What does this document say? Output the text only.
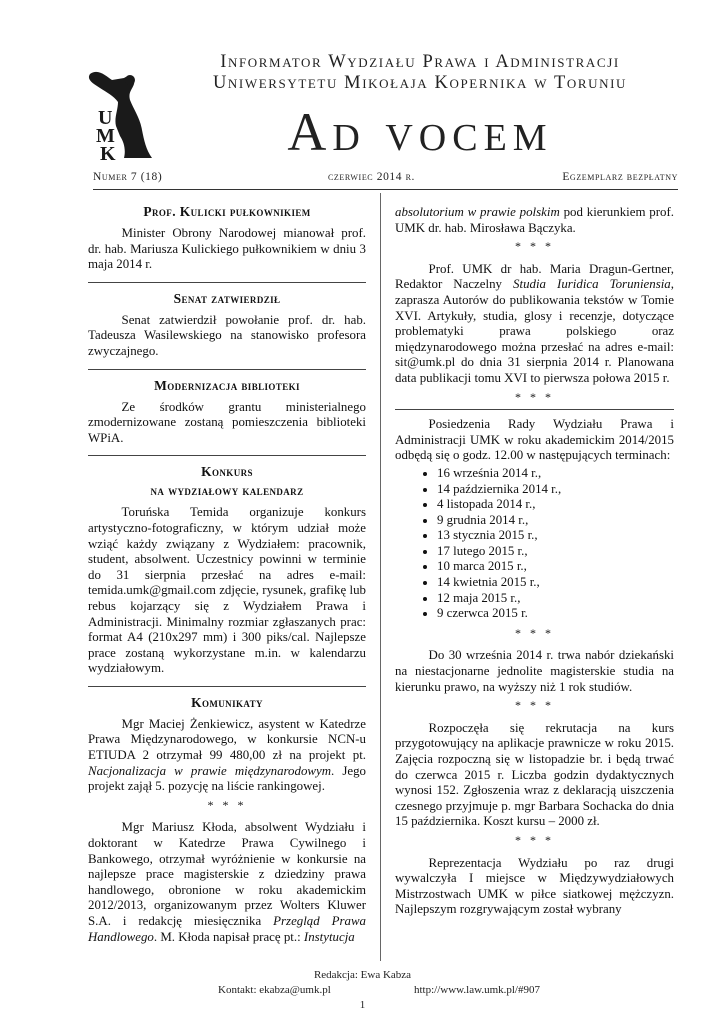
U
M
K
Informator Wydziału Prawa i Administracji
Uniwersytetu Mikołaja Kopernika w Toruniu
Ad vocem
Numer 7 (18)	czerwiec 2014 r.	Egzemplarz bezpłatny
Prof. Kulicki pułkownikiem

Minister Obrony Narodowej mianował prof. dr. hab. Mariusza Kulickiego pułkownikiem w dniu 3 maja 2014 r.

Senat zatwierdził

Senat zatwierdził powołanie prof. dr. hab. Tadeusza Wasilewskiego na stanowisko profesora zwyczajnego.

Modernizacja biblioteki

Ze środków grantu ministerialnego zmodernizowane zostaną pomieszczenia biblioteki WPiA.

Konkurs
na wydziałowy kalendarz

Toruńska Temida organizuje konkurs artystyczno-fotograficzny, w którym udział może wziąć każdy związany z Wydziałem: pracownik, student, absolwent. Uczestnicy powinni w terminie do 31 sierpnia przesłać na adres e-mail: temida.umk@gmail.com zdjęcie, rysunek, grafikę lub rebus kojarzący się z Wydziałem Prawa i Administracji. Minimalny rozmiar zgłaszanych prac: format A4 (210x297 mm) i 300 piks/cal. Najlepsze prace zostaną wykorzystane m.in. w kalendarzu wydziałowym.

Komunikaty

Mgr Maciej Żenkiewicz, asystent w Katedrze Prawa Międzynarodowego, w konkursie NCN-u ETIUDA 2 otrzymał 99 480,00 zł na projekt pt. Nacjonalizacja w prawie międzynarodowym. Jego projekt zajął 5. pozycję na liście rankingowej.

* * *

Mgr Mariusz Kłoda, absolwent Wydziału i doktorant w Katedrze Prawa Cywilnego i Bankowego, otrzymał wyróżnienie w konkursie na najlepsze prace magisterskie z dziedziny prawa handlowego, obronione w roku akademickim 2012/2013, organizowanym przez Wolters Kluwer S.A. i redakcję miesięcznika Przegląd Prawa Handlowego. M. Kłoda napisał pracę pt.: Instytucja

absolutorium w prawie polskim pod kierunkiem prof. UMK dr. hab. Mirosława Bączyka.

* * *

Prof. UMK dr hab. Maria Dragun-Gertner, Redaktor Naczelny Studia Iuridica Toruniensia, zaprasza Autorów do publikowania tekstów w Tomie XVI. Artykuły, studia, glosy i recenzje, dotyczące problematyki prawa polskiego oraz międzynarodowego można przesłać na adres e-mail: sit@umk.pl do dnia 31 sierpnia 2014 r. Planowana data publikacji tomu XVI to pierwsza połowa 2015 r.

* * *

Posiedzenia Rady Wydziału Prawa i Administracji UMK w roku akademickim 2014/2015 odbędą się o godz. 12.00 w następujących terminach:

• 16 września 2014 r.,
• 14 października 2014 r.,
• 4 listopada 2014 r.,
• 9 grudnia 2014 r.,
• 13 stycznia 2015 r.,
• 17 lutego 2015 r.,
• 10 marca 2015 r.,
• 14 kwietnia 2015 r.,
• 12 maja 2015 r.,
• 9 czerwca 2015 r.
* * *

Do 30 września 2014 r. trwa nabór dziekański na niestacjonarne jednolite magisterskie studia na kierunku prawo, na wyższy niż 1 rok studiów.

* * *

Rozpoczęła się rekrutacja na kurs przygotowujący na aplikacje prawnicze w roku 2015. Zajęcia rozpoczną się w listopadzie br. i będą trwać do czerwca 2015 r. Liczba godzin dydaktycznych wynosi 152. Zgłoszenia wraz z deklaracją uiszczenia czesnego przyjmuje p. mgr Barbara Sochacka do dnia 15 października. Koszt kursu – 2000 zł.

* * *

Reprezentacja Wydziału po raz drugi wywalczyła I miejsce w Międzywydziałowych Mistrzostwach UMK w piłce siatkowej mężczyzn. Najlepszym rozgrywającym został wybrany

Redakcja: Ewa Kabza
Kontakt: ekabza@umk.pl	http://www.law.umk.pl/#907
1
